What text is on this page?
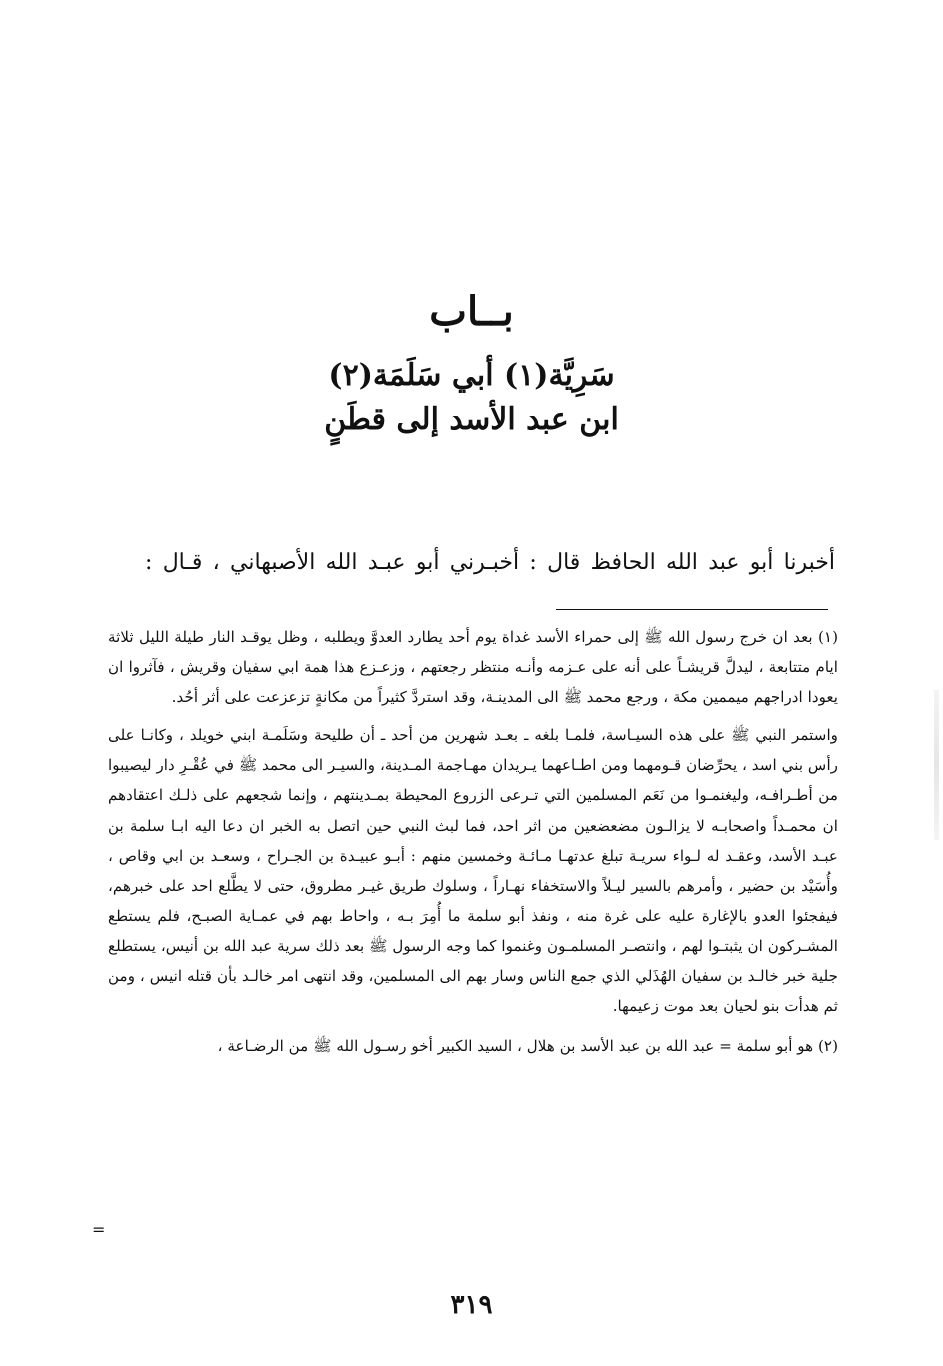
بــاب
سَرِيَّة(١) أبي سَلَمَة(٢)
ابن عبد الأسد إلى قطَنٍ
أخبرنا أبو عبد الله الحافظ قال : أخبـرني أبو عبـد الله الأصبهاني ، قـال :

(١) بعد ان خرج رسول الله ﷺ إلى حمراء الأسد غداة يوم أحد يطارد العدوَّ ويطلبه ، وظل يوقـد النار طيلة الليل ثلاثة ايام متتابعة ، ليدلَّ قريشـاً على أنه على عـزمه وأنـه منتظر رجعتهم ، وزعـزع هذا همة ابي سفيان وقريش ، فآثروا ان يعودا ادراجهم ميممين مكة ، ورجع محمد ﷺ الى المدينـة، وقد استردَّ كثيراً من مكانةٍ تزعزعت على أثر أحُد.

واستمر النبي ﷺ على هذه السيـاسة، فلمـا بلغه ـ بعـد شهرين من أحد ـ أن طليحة وسَلَمـة ابني خويلد ، وكانـا على رأس بني اسد ، يحرِّضان قـومهما ومن اطـاعهما يـريدان مهـاجمة المـدينة، والسيـر الى محمد ﷺ في عُقْـرِ دار ليصيبوا من أطـرافـه، وليغنمـوا من نَعَم المسلمين التي تـرعى الزروع المحيطة بمـدينتهم ، وإنما شجعهم على ذلـك اعتقادهم ان محمـداً واصحابـه لا يزالـون مضعضعين من اثر احد، فما لبث النبي حين اتصل به الخبر ان دعا اليه ابـا سلمة بن عبـد الأسد، وعقـد له لـواء سريـة تبلغ عدتهـا مـائـة وخمسين منهم : أبـو عبيـدة بن الجـراح ، وسعـد بن ابي وقاص ، وأُسَيْد بن حضير ، وأمرهم بالسير ليـلاً والاستخفاء نهـاراً ، وسلوك طريق غيـر مطروق، حتى لا يطَّلع احد على خبرهم، فيفجئوا العدو بالإغارة عليه على غرة منه ، ونفذ أبو سلمة ما أُمِرَ بـه ، واحاط بهم في عمـاية الصبـح، فلم يستطع المشـركون ان يثبتـوا لهم ، وانتصـر المسلمـون وغنموا كما وجه الرسول ﷺ بعد ذلك سرية عبد الله بن أنيس، يستطلع جلية خبر خالـد بن سفيان الهُذَلي الذي جمع الناس وسار بهم الى المسلمين، وقد انتهى امر خالـد بأن قتله انيس ، ومن ثم هدأت بنو لحيان بعد موت زعيمها.

(٢) هو أبو سلمة = عبد الله بن عبد الأسد بن هلال ، السيد الكبير أخو رسـول الله ﷺ من الرضـاعة ،

=
٣١٩
